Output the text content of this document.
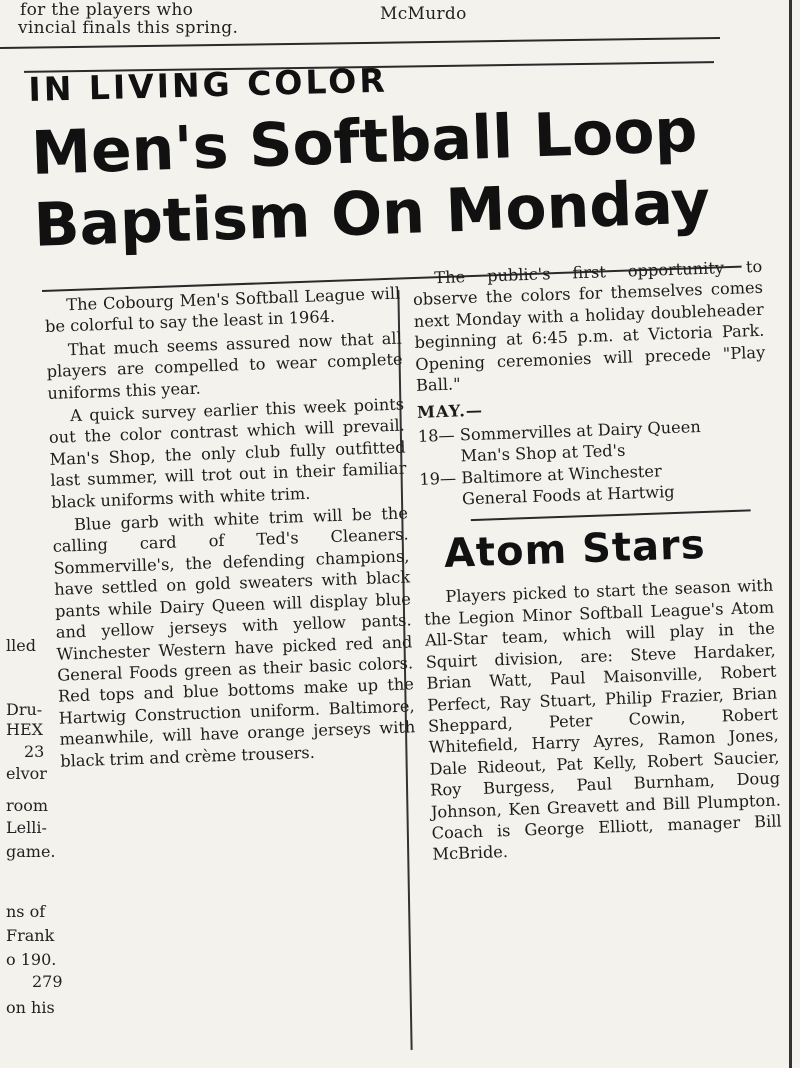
for the players who	McMurdo
vincial finals this spring.
lled
Dru-
HEX
23
elvor
room
Lelli-
game.
ns of
Frank
o 190.
279
on his
IN LIVING COLOR
Men's Softball Loop
Baptism On Monday

The Cobourg Men's Softball League will be colorful to say the least in 1964.

That much seems assured now that all players are compelled to wear complete uniforms this year.

A quick survey earlier this week points out the color contrast which will prevail. Man's Shop, the only club fully outfitted last summer, will trot out in their familiar black uniforms with white trim.

Blue garb with white trim will be the calling card of Ted's Cleaners. Sommerville's, the defending champions, have settled on gold sweaters with black pants while Dairy Queen will display blue and yellow jerseys with yellow pants. Winchester Western have picked red and General Foods green as their basic colors. Red tops and blue bottoms make up the Hartwig Construction uniform. Baltimore, meanwhile, will have orange jerseys with black trim and crème trousers.

The public's first opportunity to observe the colors for themselves comes next Monday with a holiday doubleheader beginning at 6:45 p.m. at Victoria Park. Opening ceremonies will precede "Play Ball."

MAY.—
18— Sommervilles at Dairy Queen
Man's Shop at Ted's
19— Baltimore at Winchester
General Foods at Hartwig
Atom Stars

Players picked to start the season with the Legion Minor Softball League's Atom All-Star team, which will play in the Squirt division, are: Steve Hardaker, Brian Watt, Paul Maisonville, Robert Perfect, Ray Stuart, Philip Frazier, Brian Sheppard, Peter Cowin, Robert Whitefield, Harry Ayres, Ramon Jones, Dale Rideout, Pat Kelly, Robert Saucier, Roy Burgess, Paul Burnham, Doug Johnson, Ken Greavett and Bill Plumpton. Coach is George Elliott, manager Bill McBride.
